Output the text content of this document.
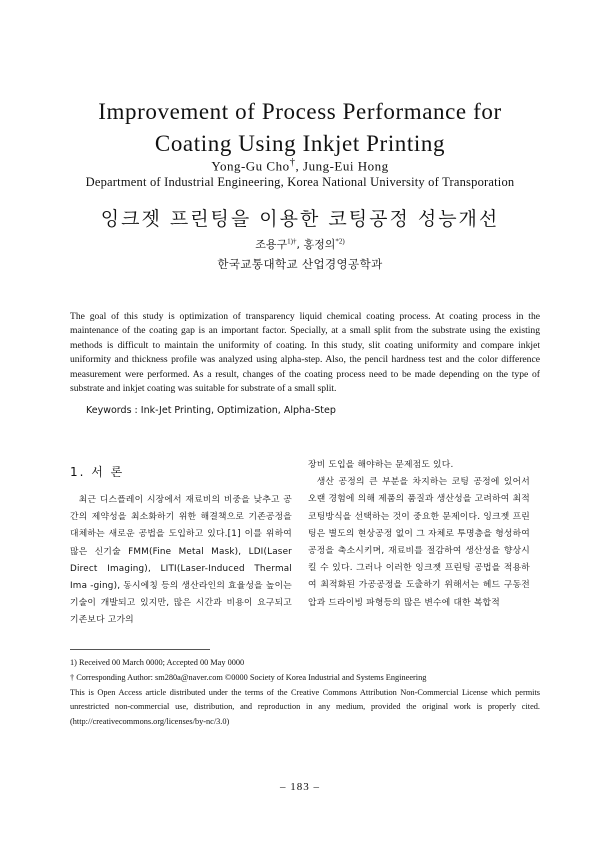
Improvement of Process Performance for
Coating Using Inkjet Printing
Yong-Gu Cho†, Jung-Eui Hong
Department of Industrial Engineering, Korea National University of Transporation
잉크젯 프린팅을 이용한 코팅공정 성능개선
조용구$^{1)\dagger}$, 홍정의$^{*2)}$
한국교통대학교 산업경영공학과
The goal of this study is optimization of transparency liquid chemical coating process. At coating process in the maintenance of the coating gap is an important factor. Specially, at a small split from the substrate using the existing methods is difficult to maintain the uniformity of coating. In this study, slit coating uniformity and compare inkjet uniformity and thickness profile was analyzed using alpha-step. Also, the pencil hardness test and the color difference measurement were performed. As a result, changes of the coating process need to be made depending on the type of substrate and inkjet coating was suitable for substrate of a small split.
Keywords : Ink-Jet Printing, Optimization, Alpha-Step
1. 서 론

최근 디스플레이 시장에서 재료비의 비중을 낮추고 공간의 제약성을 최소화하기 위한 해결책으로 기존공정을 대체하는 새로운 공법을 도입하고 있다.[1] 이를 위하여 많은 신기술 FMM(Fine Metal Mask), LDI(Laser Direct Imaging), LITI(Laser-Induced Thermal Ima -ging), 동시에칭 등의 생산라인의 효율성을 높이는 기술이 개발되고 있지만, 많은 시간과 비용이 요구되고 기존보다 고가의

장비 도입을 해야하는 문제점도 있다.

생산 공정의 큰 부분을 차지하는 코팅 공정에 있어서 오랜 경험에 의해 제품의 품질과 생산성을 고려하여 최적 코팅방식을 선택하는 것이 중요한 문제이다. 잉크젯 프린팅은 별도의 현상공정 없이 그 자체로 투명층을 형성하여 공정을 축소시키며, 재료비를 절감하여 생산성을 향상시킬 수 있다. 그러나 이러한 잉크젯 프린팅 공법을 적용하여 최적화된 가공공정을 도출하기 위해서는 헤드 구동전압과 드라이빙 파형등의 많은 변수에 대한 복합적

1) Received 00 March 0000; Accepted 00 May 0000
† Corresponding Author: sm280a@naver.com ©0000 Society of Korea Industrial and Systems Engineering
This is Open Access article distributed under the terms of the Creative Commons Attribution Non-Commercial License which permits unrestricted non-commercial use, distribution, and reproduction in any medium, provided the original work is properly cited. (http://creativecommons.org/licenses/by-nc/3.0)
– 183 –
